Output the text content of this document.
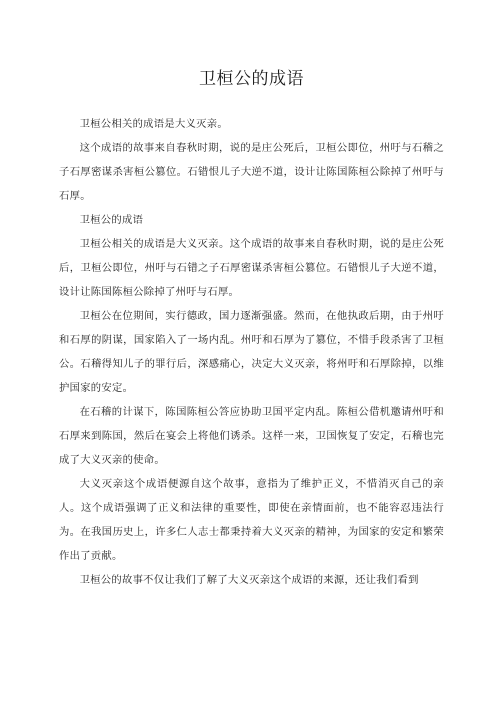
卫桓公的成语

卫桓公相关的成语是大义灭亲。

这个成语的故事来自春秋时期，说的是庄公死后，卫桓公即位，州吁与石稽之子石厚密谋杀害桓公篡位。石错恨儿子大逆不道，设计让陈国陈桓公除掉了州吁与石厚。

卫桓公的成语

卫桓公相关的成语是大义灭亲。这个成语的故事来自春秋时期，说的是庄公死后，卫桓公即位，州吁与石错之子石厚密谋杀害桓公篡位。石错恨儿子大逆不道，设计让陈国陈桓公除掉了州吁与石厚。

卫桓公在位期间，实行德政，国力逐渐强盛。然而，在他执政后期，由于州吁和石厚的阴谋，国家陷入了一场内乱。州吁和石厚为了篡位，不惜手段杀害了卫桓公。石稽得知儿子的罪行后，深感痛心，决定大义灭亲，将州吁和石厚除掉，以维护国家的安定。

在石稽的计谋下，陈国陈桓公答应协助卫国平定内乱。陈桓公借机邀请州吁和石厚来到陈国，然后在宴会上将他们诱杀。这样一来，卫国恢复了安定，石稽也完成了大义灭亲的使命。

大义灭亲这个成语便源自这个故事，意指为了维护正义，不惜消灭自己的亲人。这个成语强调了正义和法律的重要性，即使在亲情面前，也不能容忍违法行为。在我国历史上，许多仁人志士都秉持着大义灭亲的精神，为国家的安定和繁荣作出了贡献。

卫桓公的故事不仅让我们了解了大义灭亲这个成语的来源，还让我们看到
